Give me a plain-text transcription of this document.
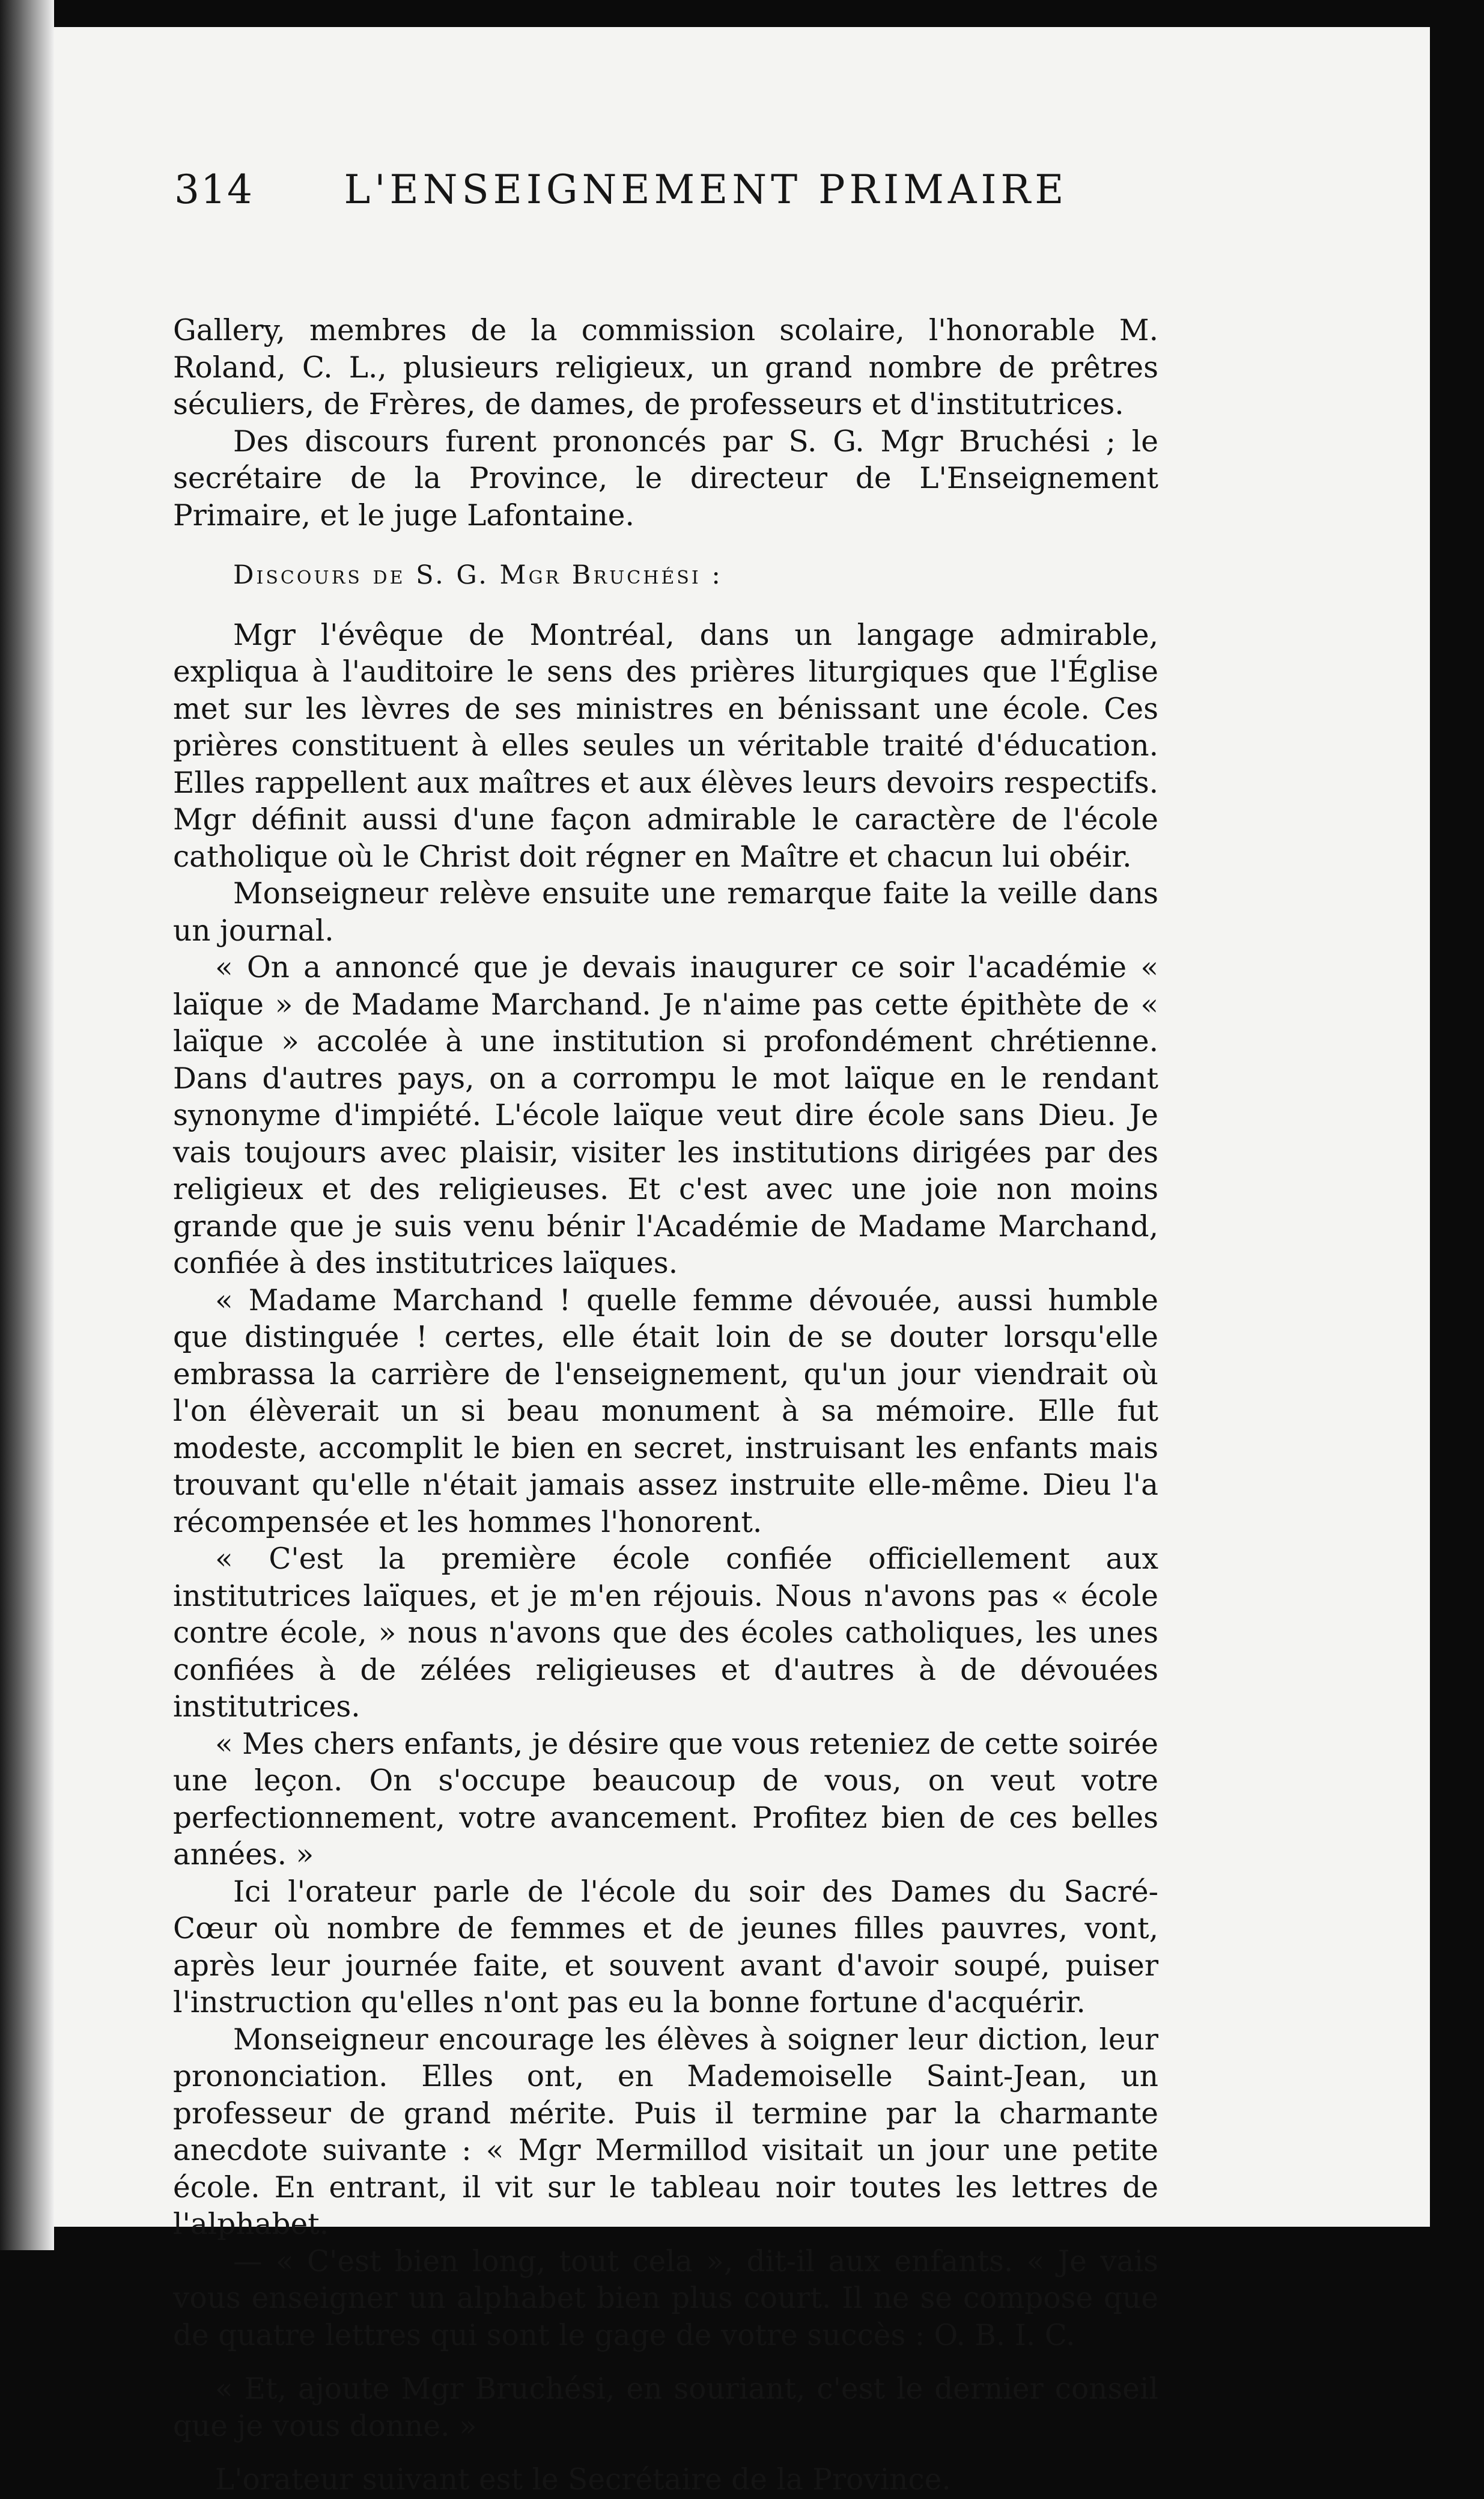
314	L'ENSEIGNEMENT PRIMAIRE

Gallery, membres de la commission scolaire, l'honorable M. Roland, C. L., plusieurs religieux, un grand nombre de prêtres séculiers, de Frères, de dames, de professeurs et d'institutrices.

Des discours furent prononcés par S. G. Mgr Bruchési ; le secrétaire de la Province, le directeur de L'Enseignement Primaire, et le juge Lafontaine.

Discours de S. G. Mgr Bruchési :

Mgr l'évêque de Montréal, dans un langage admirable, expliqua à l'auditoire le sens des prières liturgiques que l'Église met sur les lèvres de ses ministres en bénissant une école. Ces prières constituent à elles seules un véritable traité d'éducation. Elles rappellent aux maîtres et aux élèves leurs devoirs respectifs. Mgr définit aussi d'une façon admirable le caractère de l'école catholique où le Christ doit régner en Maître et chacun lui obéir.

Monseigneur relève ensuite une remarque faite la veille dans un journal.

« On a annoncé que je devais inaugurer ce soir l'académie « laïque » de Madame Marchand. Je n'aime pas cette épithète de « laïque » accolée à une institution si profondément chrétienne. Dans d'autres pays, on a corrompu le mot laïque en le rendant synonyme d'impiété. L'école laïque veut dire école sans Dieu. Je vais toujours avec plaisir, visiter les institutions dirigées par des religieux et des religieuses. Et c'est avec une joie non moins grande que je suis venu bénir l'Académie de Madame Marchand, confiée à des institutrices laïques.

« Madame Marchand ! quelle femme dévouée, aussi humble que distinguée ! certes, elle était loin de se douter lorsqu'elle embrassa la carrière de l'enseignement, qu'un jour viendrait où l'on élèverait un si beau monument à sa mémoire. Elle fut modeste, accomplit le bien en secret, instruisant les enfants mais trouvant qu'elle n'était jamais assez instruite elle-même. Dieu l'a récompensée et les hommes l'honorent.

« C'est la première école confiée officiellement aux institutrices laïques, et je m'en réjouis. Nous n'avons pas « école contre école, » nous n'avons que des écoles catholiques, les unes confiées à de zélées religieuses et d'autres à de dévouées institutrices.

« Mes chers enfants, je désire que vous reteniez de cette soirée une leçon. On s'occupe beaucoup de vous, on veut votre perfectionnement, votre avancement. Profitez bien de ces belles années. »

Ici l'orateur parle de l'école du soir des Dames du Sacré-Cœur où nombre de femmes et de jeunes filles pauvres, vont, après leur journée faite, et souvent avant d'avoir soupé, puiser l'instruction qu'elles n'ont pas eu la bonne fortune d'acquérir.

Monseigneur encourage les élèves à soigner leur diction, leur prononciation. Elles ont, en Mademoiselle Saint-Jean, un professeur de grand mérite. Puis il termine par la charmante anecdote suivante : « Mgr Mermillod visitait un jour une petite école. En entrant, il vit sur le tableau noir toutes les lettres de l'alphabet.

— « C'est bien long, tout cela », dit-il aux enfants. « Je vais vous enseigner un alphabet bien plus court. Il ne se compose que de quatre lettres qui sont le gage de votre succès : O. B. I. C.

« Et, ajoute Mgr Bruchési, en souriant, c'est le dernier conseil que je vous donne. »

L'orateur suivant est le Secrétaire de la Province.
